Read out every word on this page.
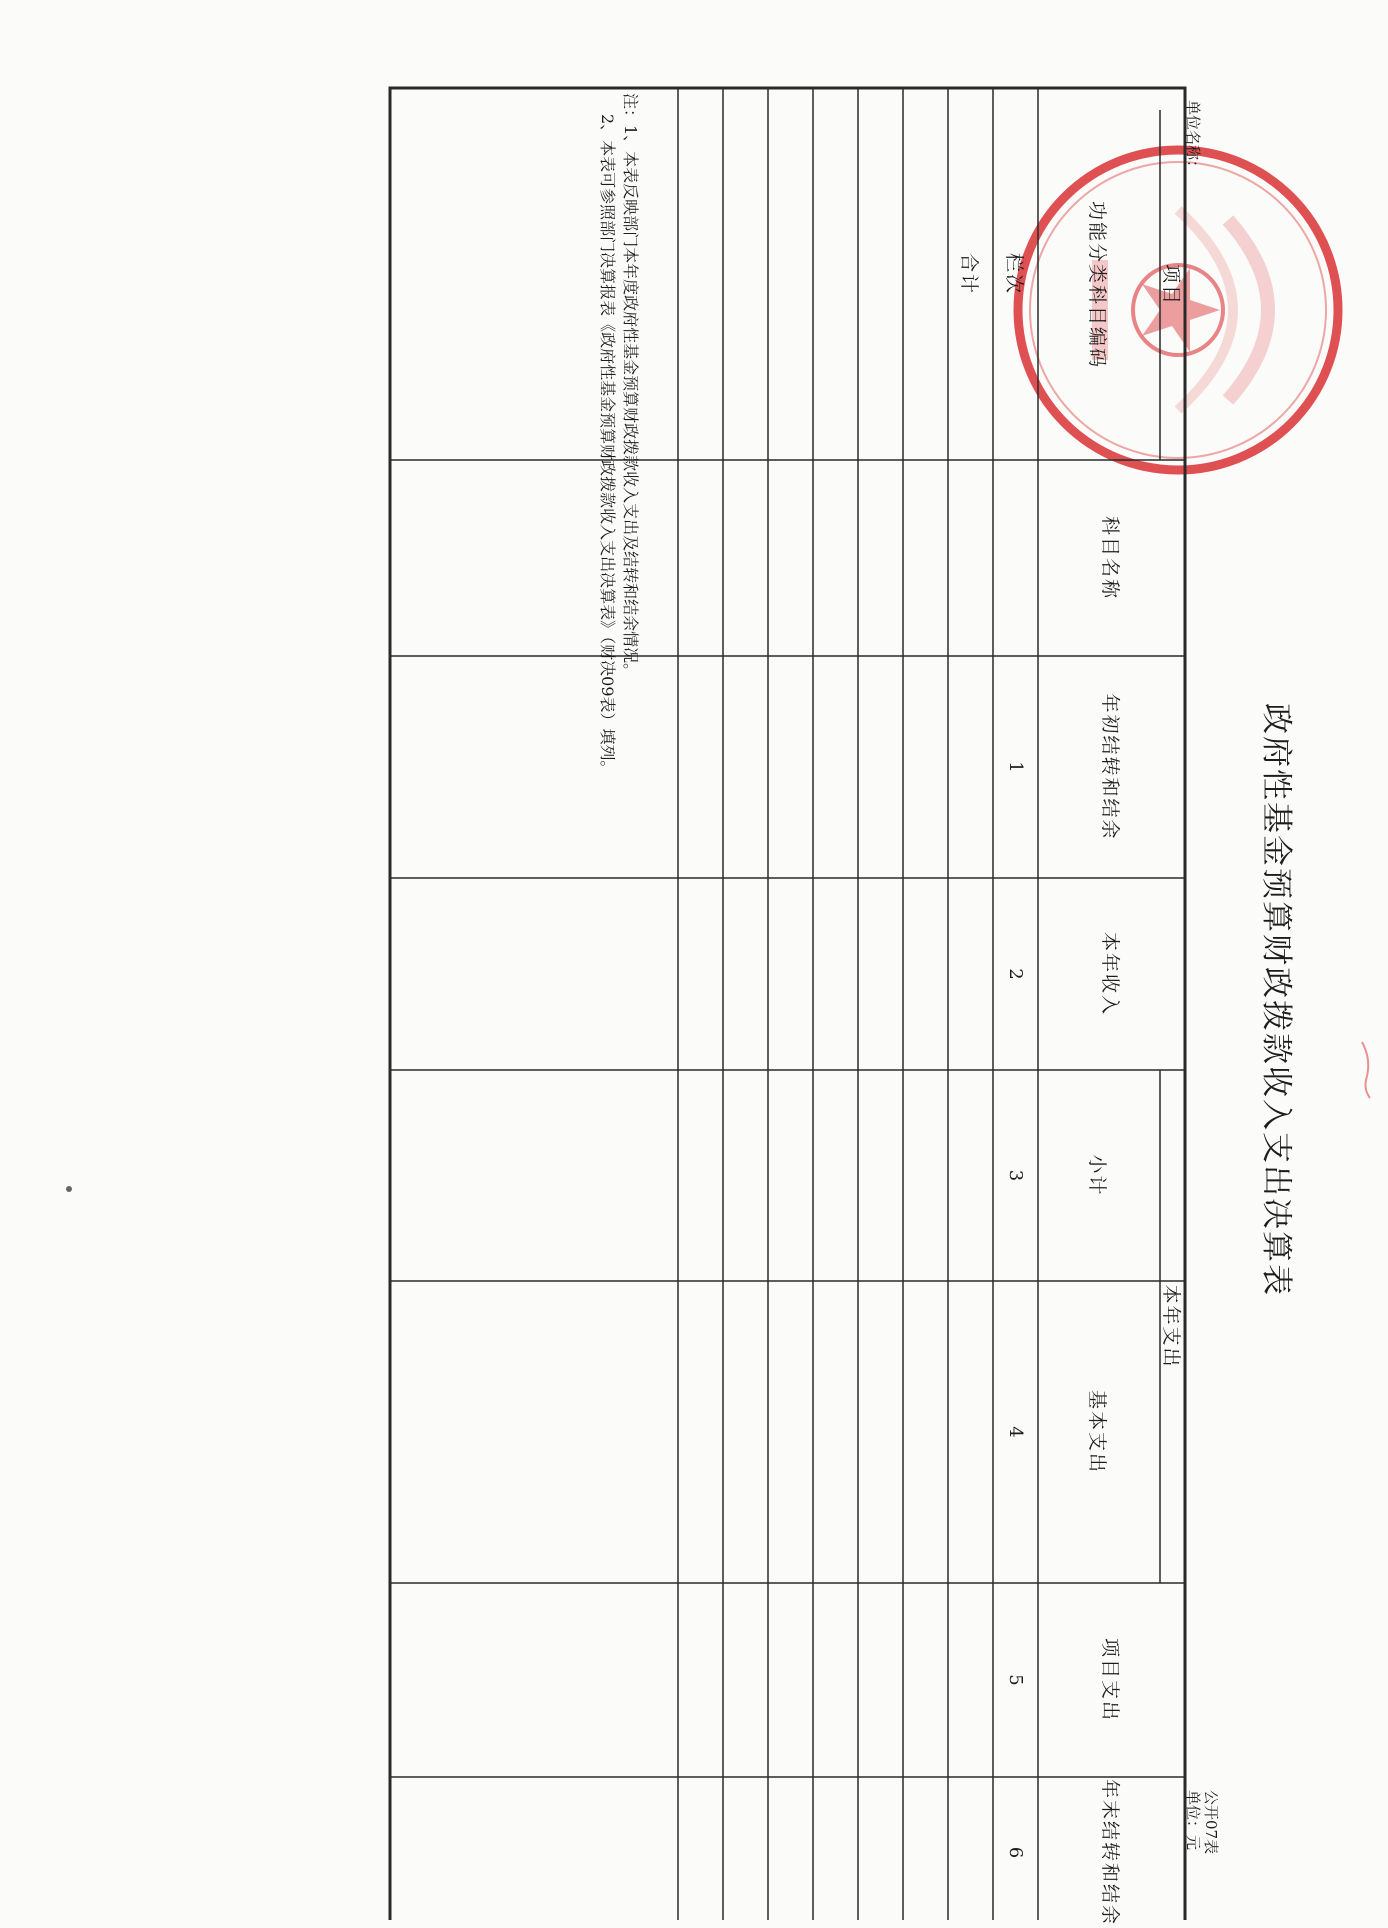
政府性基金预算财政拨款收入支出决算表
公开07表
单位：元
单位名称：
项目
功能分类科目编码
科目名称
年初结转和结余
本年收入
本年支出
小计
基本支出
项目支出
年末结转和结余
栏次
1
2
3
4
5
6
合计
注：1、本表反映部门本年度政府性基金预算财政拨款收入支出及结转和结余情况。
2、本表可参照部门决算报表《政府性基金预算财政拨款收入支出决算表》（财决09表）填列。
